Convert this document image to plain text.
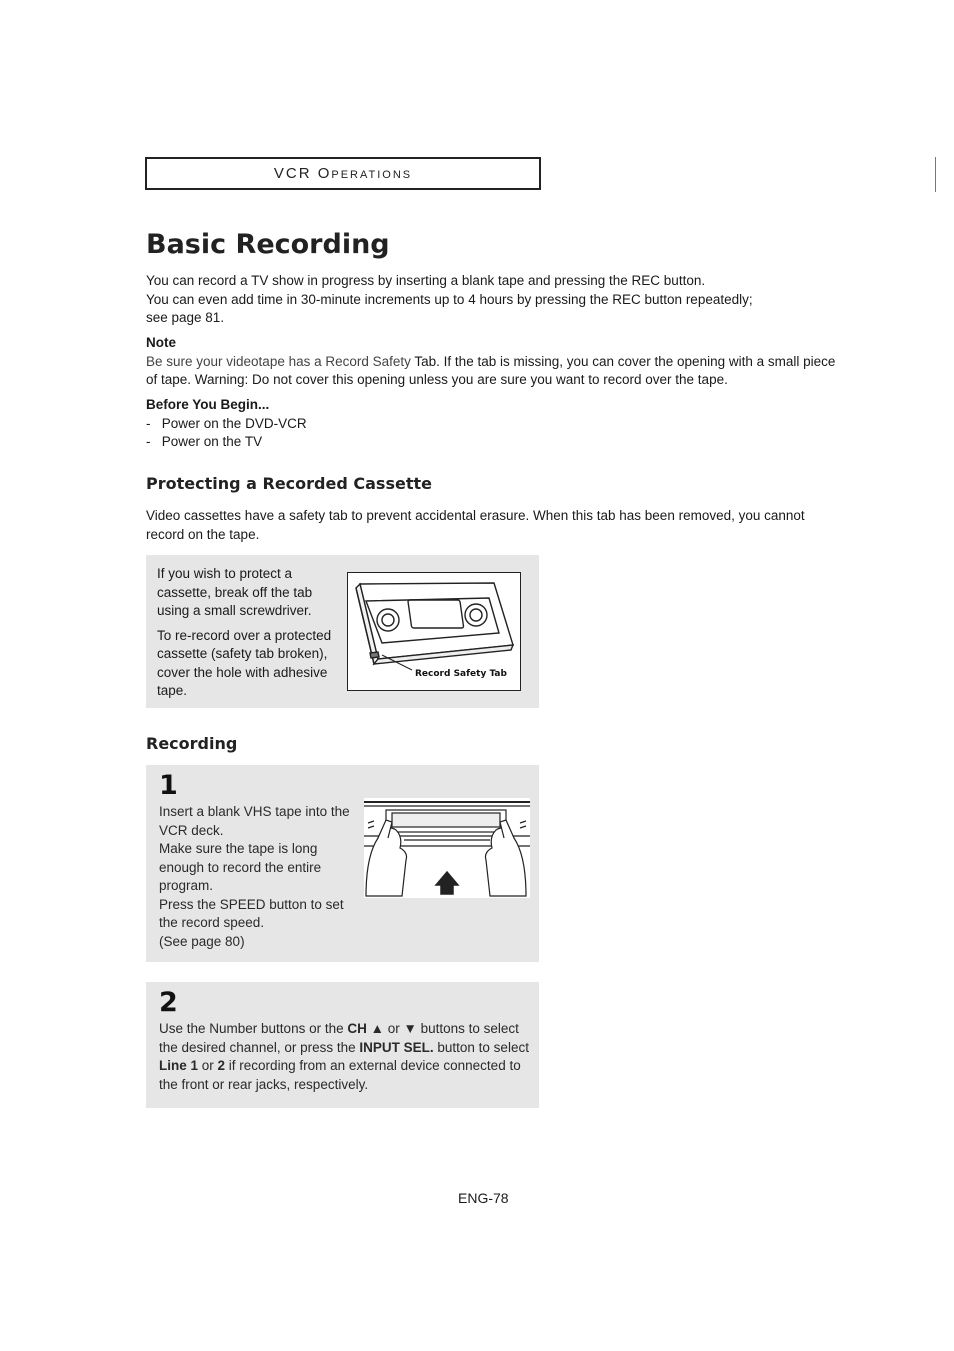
VCR OPERATIONS
Basic Recording

You can record a TV show in progress by inserting a blank tape and pressing the REC button.

You can even add time in 30-minute increments up to 4 hours by pressing the REC button repeatedly;

see page 81.

Note

Be sure your videotape has a Record Safety Tab. If the tab is missing, you can cover the opening with a small piece of tape. Warning: Do not cover this opening unless you are sure you want to record over the tape.

Before You Begin...

- Power on the DVD-VCR

- Power on the TV

Protecting a Recorded Cassette

Video cassettes have a safety tab to prevent accidental erasure. When this tab has been removed, you cannot record on the tape.

If you wish to protect a cassette, break off the tab using a small screwdriver.

To re-record over a protected cassette (safety tab broken), cover the hole with adhesive tape.

Record Safety Tab
Recording
1

Insert a blank VHS tape into the VCR deck.

Make sure the tape is long enough to record the entire program.

Press the SPEED button to set the record speed.

(See page 80)

2

Use the Number buttons or the CH ▲ or ▼ buttons to select the desired channel, or press the INPUT SEL. button to select Line 1 or 2 if recording from an external device connected to the front or rear jacks, respectively.

ENG-78
